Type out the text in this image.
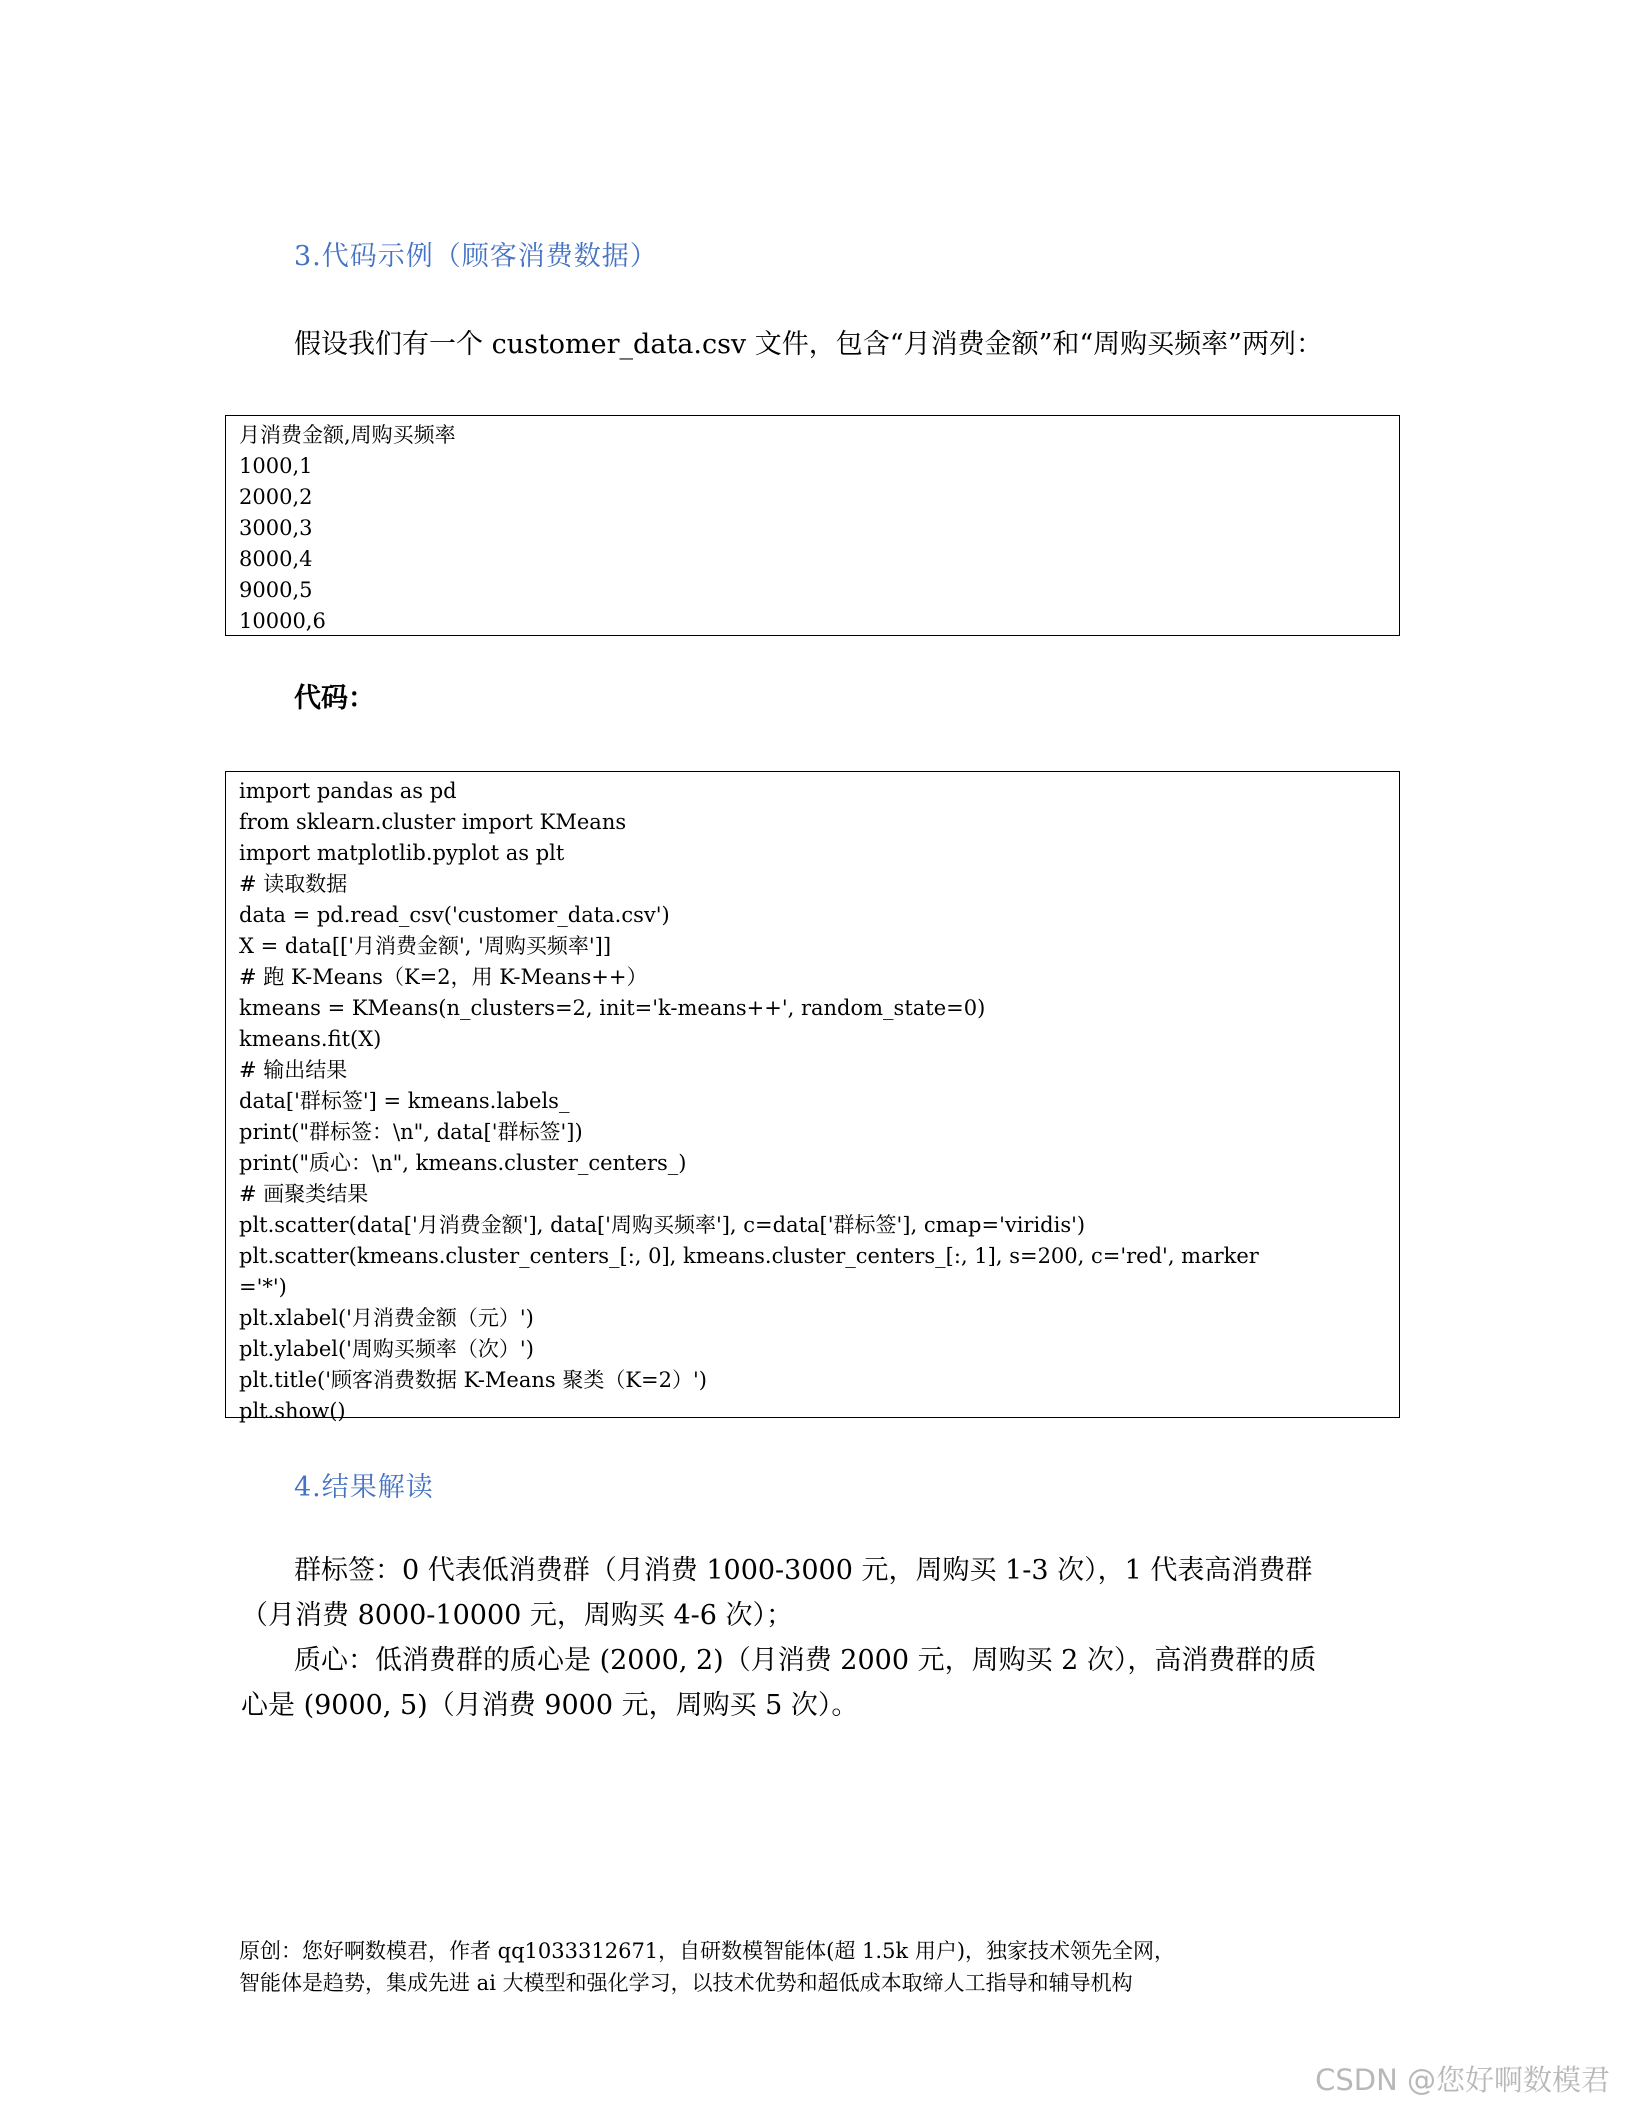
3.代码示例（顾客消费数据）
假设我们有一个 customer_data.csv 文件，包含“月消费金额”和“周购买频率”两列：
月消费金额,周购买频率
1000,1
2000,2
3000,3
8000,4
9000,5
10000,6
代码：
import pandas as pd
from sklearn.cluster import KMeans
import matplotlib.pyplot as plt
# 读取数据
data = pd.read_csv('customer_data.csv')
X = data[['月消费金额', '周购买频率']]
# 跑 K-Means（K=2，用 K-Means++）
kmeans = KMeans(n_clusters=2, init='k-means++', random_state=0)
kmeans.fit(X)
# 输出结果
data['群标签'] = kmeans.labels_
print("群标签：\n", data['群标签'])
print("质心：\n", kmeans.cluster_centers_)
# 画聚类结果
plt.scatter(data['月消费金额'], data['周购买频率'], c=data['群标签'], cmap='viridis')
plt.scatter(kmeans.cluster_centers_[:, 0], kmeans.cluster_centers_[:, 1], s=200, c='red', marker
='*')
plt.xlabel('月消费金额（元）')
plt.ylabel('周购买频率（次）')
plt.title('顾客消费数据 K-Means 聚类（K=2）')
plt.show()
4.结果解读
群标签：0 代表低消费群（月消费 1000-3000 元，周购买 1-3 次），1 代表高消费群
（月消费 8000-10000 元，周购买 4-6 次）；
质心：低消费群的质心是 (2000, 2)（月消费 2000 元，周购买 2 次），高消费群的质
心是 (9000, 5)（月消费 9000 元，周购买 5 次）。
原创：您好啊数模君，作者 qq1033312671，自研数模智能体(超 1.5k 用户)，独家技术领先全网，
智能体是趋势，集成先进 ai 大模型和强化学习，以技术优势和超低成本取缔人工指导和辅导机构
CSDN @您好啊数模君
